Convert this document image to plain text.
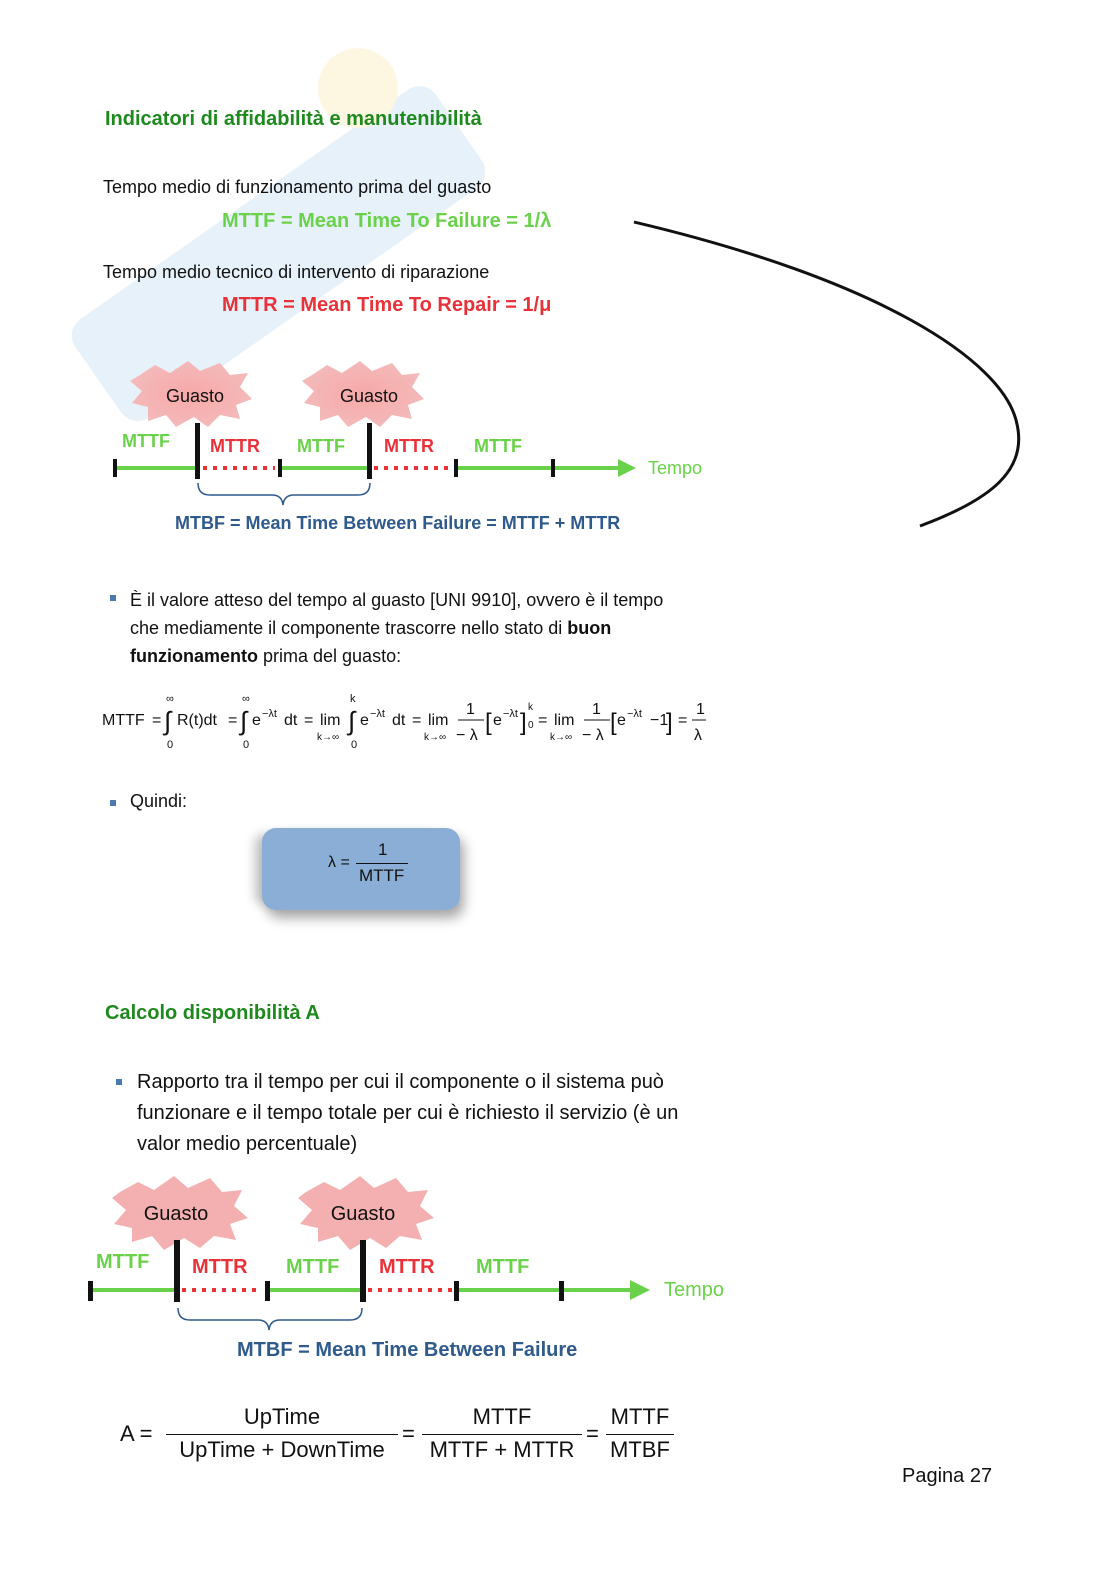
Indicatori di affidabilità e manutenibilità
Tempo medio di funzionamento prima del guasto
MTTF = Mean Time To Failure = 1/λ
Tempo medio tecnico di intervento di riparazione
MTTR = Mean Time To Repair = 1/μ
Guasto	Guasto
MTTF MTTR MTTF MTTR MTTF
Tempo
MTBF = Mean Time Between Failure = MTTF + MTTR
È il valore atteso del tempo al guasto [UNI 9910], ovvero è il tempo
che mediamente il componente trascorre nello stato di buon
funzionamento prima del guasto:
MTTF =
∞
∫
0
R(t)dt =
∞
∫
0
e −λt dt = lim
k→∞
k
∫
0
e −λt dt = lim
k→∞
1
− λ [ e −λt ]
k
0 = lim
k→∞
1
− λ [ e −λt −1
] =
1
λ
Quindi:
λ =
1
MTTF
Calcolo disponibilità A
Rapporto tra il tempo per cui il componente o il sistema può
funzionare e il tempo totale per cui è richiesto il servizio (è un
valor medio percentuale)
Guasto	Guasto
MTTF MTTR MTTF MTTR MTTF
Tempo
MTBF = Mean Time Between Failure
A =
UpTime
UpTime + DownTime
=
MTTF
MTTF + MTTR
=
MTTF
MTBF
Pagina 27
